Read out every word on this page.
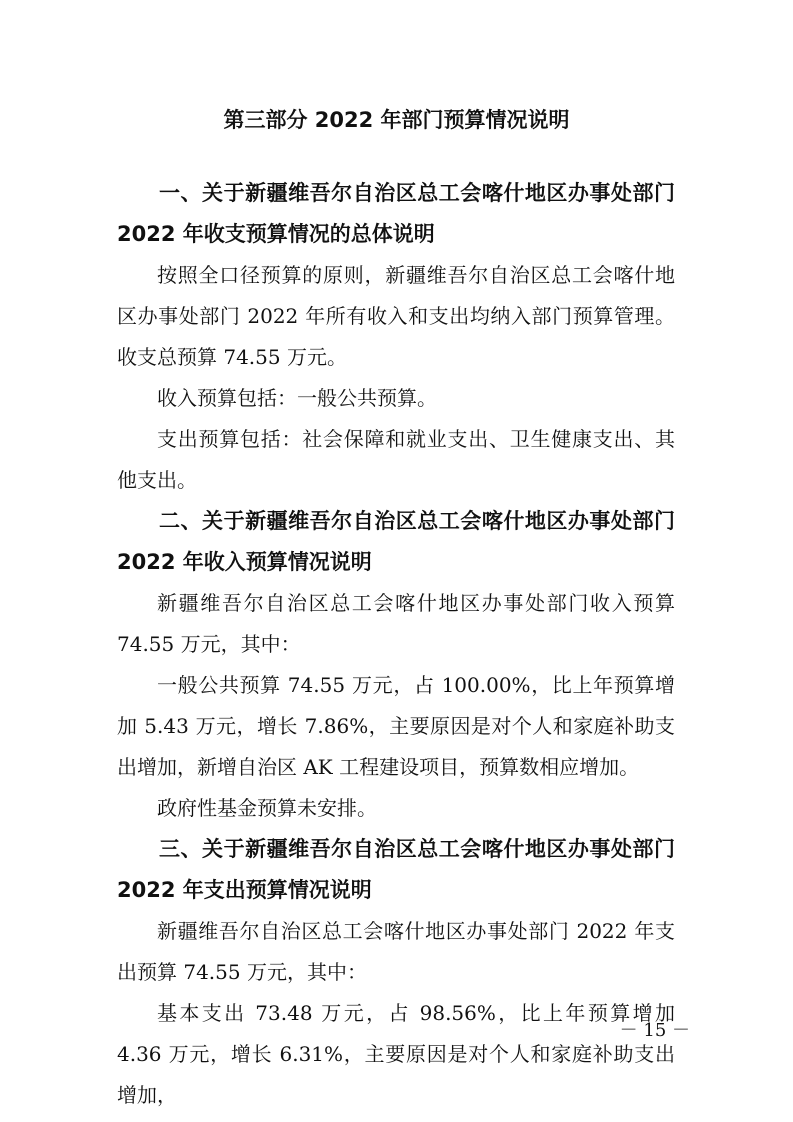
第三部分 2022 年部门预算情况说明

一、关于新疆维吾尔自治区总工会喀什地区办事处部门2022 年收支预算情况的总体说明

按照全口径预算的原则，新疆维吾尔自治区总工会喀什地区办事处部门 2022 年所有收入和支出均纳入部门预算管理。收支总预算 74.55 万元。

收入预算包括：一般公共预算。

支出预算包括：社会保障和就业支出、卫生健康支出、其他支出。

二、关于新疆维吾尔自治区总工会喀什地区办事处部门2022 年收入预算情况说明

新疆维吾尔自治区总工会喀什地区办事处部门收入预算 74.55 万元，其中：

一般公共预算 74.55 万元，占 100.00%，比上年预算增加 5.43 万元，增长 7.86%，主要原因是对个人和家庭补助支出增加，新增自治区 AK 工程建设项目，预算数相应增加。

政府性基金预算未安排。

三、关于新疆维吾尔自治区总工会喀什地区办事处部门2022 年支出预算情况说明

新疆维吾尔自治区总工会喀什地区办事处部门 2022 年支出预算 74.55 万元，其中：

基本支出 73.48 万元，占 98.56%，比上年预算增加 4.36 万元，增长 6.31%，主要原因是对个人和家庭补助支出增加，

－ 15 －
